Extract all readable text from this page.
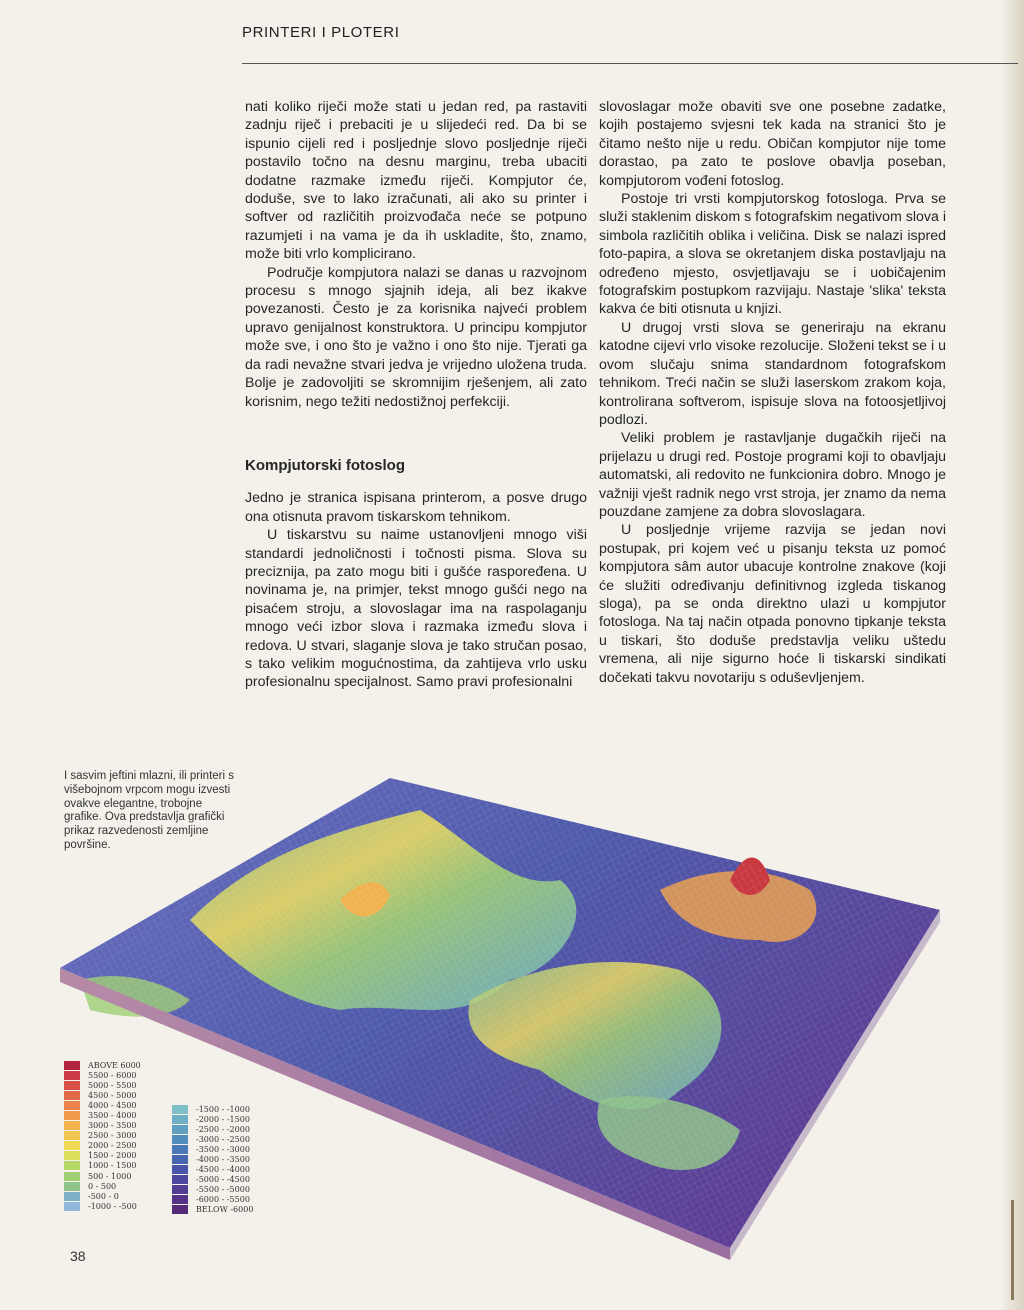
PRINTERI I PLOTERI

nati koliko riječi može stati u jedan red, pa rastaviti zadnju riječ i prebaciti je u slijedeći red. Da bi se ispunio cijeli red i posljednje slovo posljednje riječi postavilo točno na desnu marginu, treba ubaciti dodatne razmake između riječi. Kompjutor će, doduše, sve to lako izračunati, ali ako su printer i softver od različitih proizvođača neće se potpuno razumjeti i na vama je da ih uskladite, što, znamo, može biti vrlo komplicirano.

Područje kompjutora nalazi se danas u razvojnom procesu s mnogo sjajnih ideja, ali bez ikakve povezanosti. Često je za korisnika najveći problem upravo genijalnost konstruktora. U principu kompjutor može sve, i ono što je važno i ono što nije. Tjerati ga da radi nevažne stvari jedva je vrijedno uložena truda. Bolje je zadovoljiti se skromnijim rješenjem, ali zato korisnim, nego težiti nedostižnoj perfekciji.

Kompjutorski fotoslog

Jedno je stranica ispisana printerom, a posve drugo ona otisnuta pravom tiskarskom tehnikom.

U tiskarstvu su naime ustanovljeni mnogo viši standardi jednoličnosti i točnosti pisma. Slova su preciznija, pa zato mogu biti i gušće raspoređena. U novinama je, na primjer, tekst mnogo gušći nego na pisaćem stroju, a slovoslagar ima na raspolaganju mnogo veći izbor slova i razmaka između slova i redova. U stvari, slaganje slova je tako stručan posao, s tako velikim mogućnostima, da zahtijeva vrlo usku profesionalnu specijalnost. Samo pravi profesionalni

slovoslagar može obaviti sve one posebne zadatke, kojih postajemo svjesni tek kada na stranici što je čitamo nešto nije u redu. Običan kompjutor nije tome dorastao, pa zato te poslove obavlja poseban, kompjutorom vođeni fotoslog.

Postoje tri vrsti kompjutorskog fotosloga. Prva se služi staklenim diskom s fotografskim negativom slova i simbola različitih oblika i veličina. Disk se nalazi ispred foto-papira, a slova se okretanjem diska postavljaju na određeno mjesto, osvjetljavaju se i uobičajenim fotografskim postupkom razvijaju. Nastaje 'slika' teksta kakva će biti otisnuta u knjizi.

U drugoj vrsti slova se generiraju na ekranu katodne cijevi vrlo visoke rezolucije. Složeni tekst se i u ovom slučaju snima standardnom fotografskom tehnikom. Treći način se služi laserskom zrakom koja, kontrolirana softverom, ispisuje slova na fotoosjetljivoj podlozi.

Veliki problem je rastavljanje dugačkih riječi na prijelazu u drugi red. Postoje programi koji to obavljaju automatski, ali redovito ne funkcionira dobro. Mnogo je važniji vješt radnik nego vrst stroja, jer znamo da nema pouzdane zamjene za dobra slovoslagara.

U posljednje vrijeme razvija se jedan novi postupak, pri kojem već u pisanju teksta uz pomoć kompjutora sâm autor ubacuje kontrolne znakove (koji će služiti određivanju definitivnog izgleda tiskanog sloga), pa se onda direktno ulazi u kompjutor fotosloga. Na taj način otpada ponovno tipkanje teksta u tiskari, što doduše predstavlja veliku uštedu vremena, ali nije sigurno hoće li tiskarski sindikati dočekati takvu novotariju s oduševljenjem.

I sasvim jeftini mlazni, ili printeri s višebojnom vrpcom mogu izvesti ovakve elegantne, trobojne grafike. Ova predstavlja grafički prikaz razvedenosti zemljine površine.
ABOVE 6000
5500 - 6000
5000 - 5500
4500 - 5000
4000 - 4500
3500 - 4000
3000 - 3500
2500 - 3000
2000 - 2500
1500 - 2000
1000 - 1500
500 - 1000
0 - 500
-500 - 0
-1000 - -500
-1500 - -1000
-2000 - -1500
-2500 - -2000
-3000 - -2500
-3500 - -3000
-4000 - -3500
-4500 - -4000
-5000 - -4500
-5500 - -5000
-6000 - -5500
BELOW -6000
38
